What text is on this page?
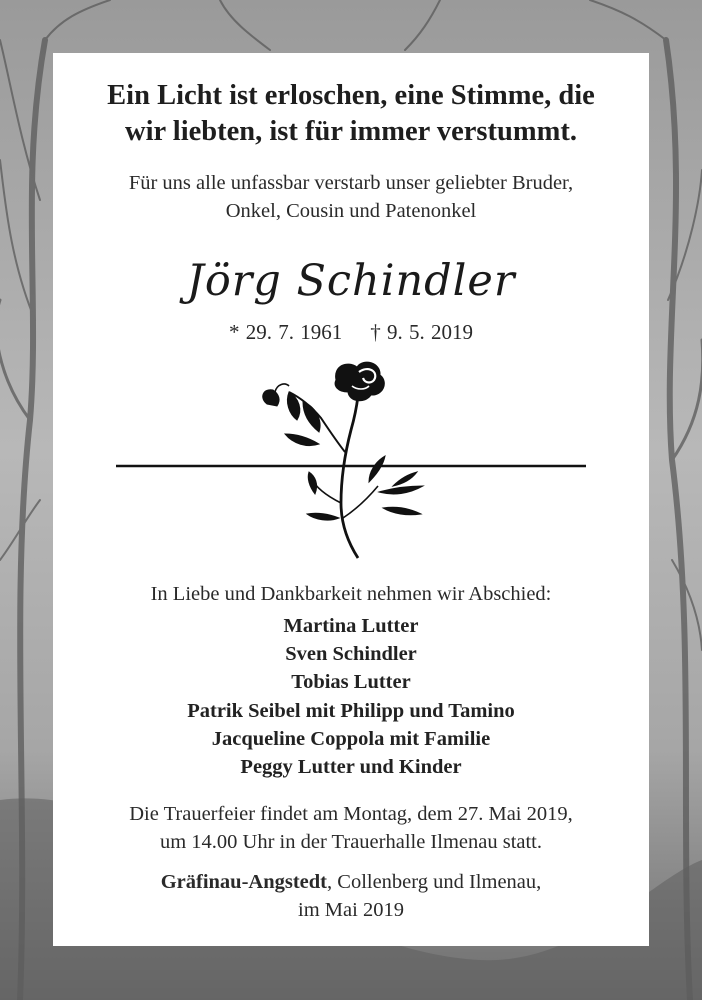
Ein Licht ist erloschen, eine Stimme, die
wir liebten, ist für immer verstummt.
Für uns alle unfassbar verstarb unser geliebter Bruder,
Onkel, Cousin und Patenonkel
Jörg Schindler
* 29. 7. 1961 † 9. 5. 2019
In Liebe und Dankbarkeit nehmen wir Abschied:
Martina Lutter
Sven Schindler
Tobias Lutter
Patrik Seibel mit Philipp und Tamino
Jacqueline Coppola mit Familie
Peggy Lutter und Kinder
Die Trauerfeier findet am Montag, dem 27. Mai 2019,
um 14.00 Uhr in der Trauerhalle Ilmenau statt.
Gräfinau-Angstedt, Collenberg und Ilmenau,
im Mai 2019
